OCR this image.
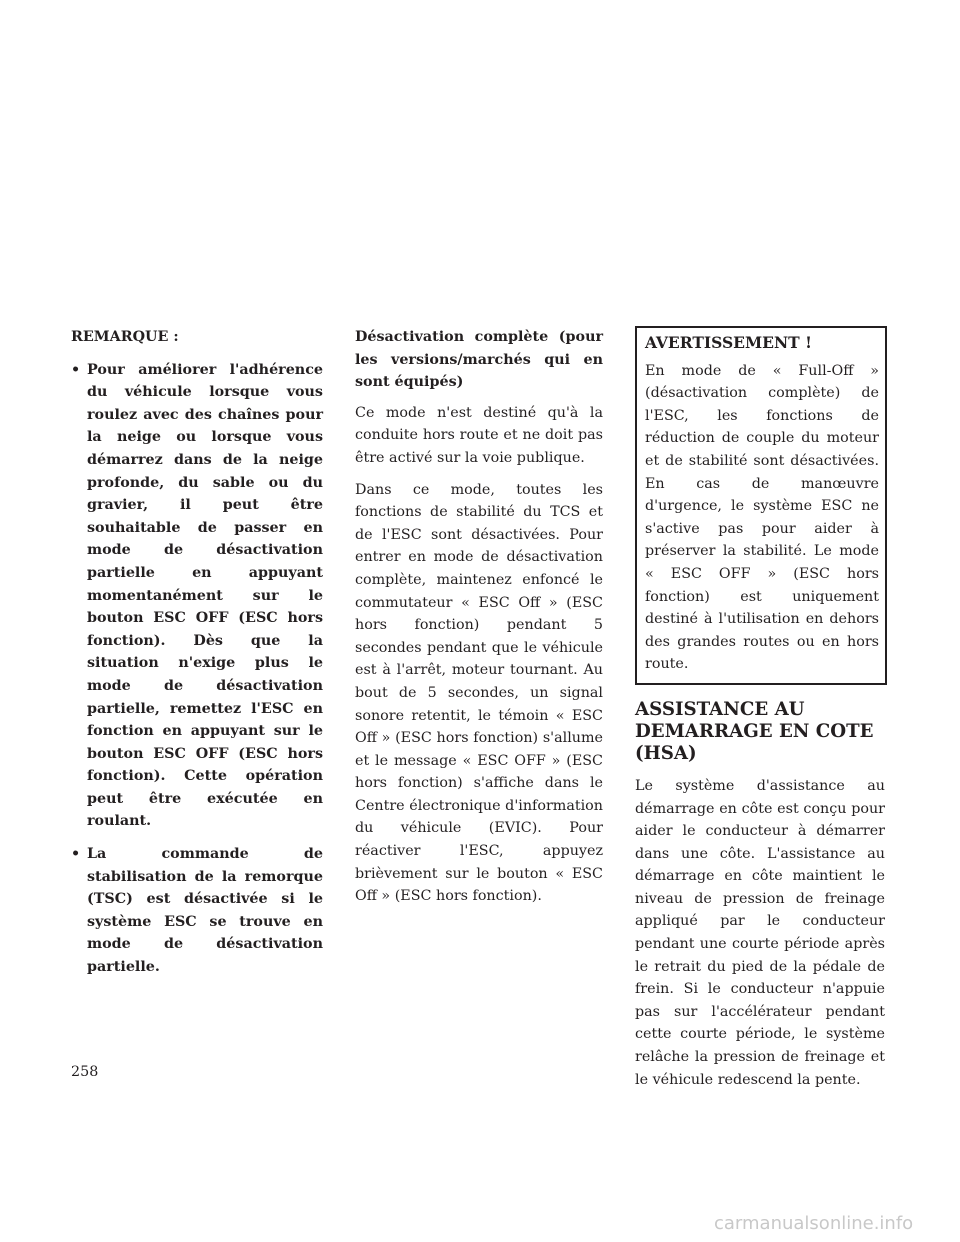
REMARQUE :

• Pour améliorer l'adhérence du véhicule lorsque vous roulez avec des chaînes pour la neige ou lorsque vous démarrez dans de la neige profonde, du sable ou du gravier, il peut être souhaitable de passer en mode de désactivation partielle en appuyant momentanément sur le bouton ESC OFF (ESC hors fonction). Dès que la situation n'exige plus le mode de désactivation partielle, remettez l'ESC en fonction en appuyant sur le bouton ESC OFF (ESC hors fonction). Cette opération peut être exécutée en roulant.
• La commande de stabilisation de la remorque (TSC) est désactivée si le système ESC se trouve en mode de désactivation partielle.

Désactivation complète (pour les versions/marchés qui en sont équipés)

Ce mode n'est destiné qu'à la conduite hors route et ne doit pas être activé sur la voie publique.

Dans ce mode, toutes les fonctions de stabilité du TCS et de l'ESC sont désactivées. Pour entrer en mode de désactivation complète, maintenez enfoncé le commutateur « ESC Off » (ESC hors fonction) pendant 5 secondes pendant que le véhicule est à l'arrêt, moteur tournant. Au bout de 5 secondes, un signal sonore retentit, le témoin « ESC Off » (ESC hors fonction) s'allume et le message « ESC OFF » (ESC hors fonction) s'affiche dans le Centre électronique d'information du véhicule (EVIC). Pour réactiver l'ESC, appuyez brièvement sur le bouton « ESC Off » (ESC hors fonction).

AVERTISSEMENT !

En mode de « Full-Off » (désactivation complète) de l'ESC, les fonctions de réduction de couple du moteur et de stabilité sont désactivées. En cas de manœuvre d'urgence, le système ESC ne s'active pas pour aider à préserver la stabilité. Le mode « ESC OFF » (ESC hors fonction) est uniquement destiné à l'utilisation en dehors des grandes routes ou en hors route.

ASSISTANCE AU DEMARRAGE EN COTE (HSA)

Le système d'assistance au démarrage en côte est conçu pour aider le conducteur à démarrer dans une côte. L'assistance au démarrage en côte maintient le niveau de pression de freinage appliqué par le conducteur pendant une courte période après le retrait du pied de la pédale de frein. Si le conducteur n'appuie pas sur l'accélérateur pendant cette courte période, le système relâche la pression de freinage et le véhicule redescend la pente.

258
carmanualsonline.info
